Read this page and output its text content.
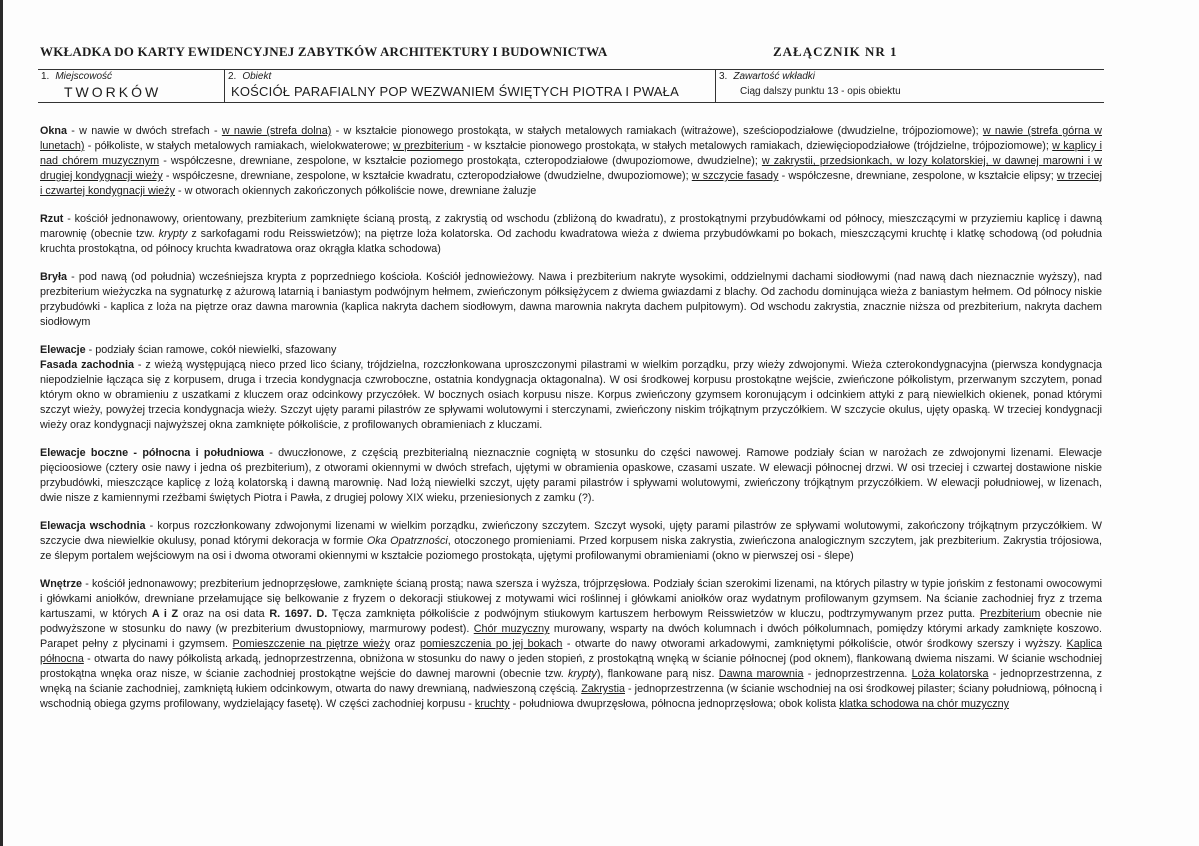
WKŁADKA DO KARTY EWIDENCYJNEJ ZABYTKÓW ARCHITEKTURY I BUDOWNICTWA	ZAŁĄCZNIK NR 1
1. Miejscowość
TWORKÓW
2. Obiekt
KOŚCIÓŁ PARAFIALNY POP WEZWANIEM ŚWIĘTYCH PIOTRA I PWAŁA
3. Zawartość wkładki
Ciąg dalszy punktu 13 - opis obiektu

Okna - w nawie w dwóch strefach - w nawie (strefa dolna) - w kształcie pionowego prostokąta, w stałych metalowych ramiakach (witrażowe), sześciopodziałowe (dwudzielne, trójpoziomowe); w nawie (strefa górna w lunetach) - półkoliste, w stałych metalowych ramiakach, wielokwaterowe; w prezbiterium - w kształcie pionowego prostokąta, w stałych metalowych ramiakach, dziewięciopodziałowe (trójdzielne, trójpoziomowe); w kaplicy i nad chórem muzycznym - współczesne, drewniane, zespolone, w kształcie poziomego prostokąta, czteropodziałowe (dwupoziomowe, dwudzielne); w zakrystii, przedsionkach, w lozy kolatorskiej, w dawnej marowni i w drugiej kondygnacji wieży - współczesne, drewniane, zespolone, w kształcie kwadratu, czteropodziałowe (dwudzielne, dwupoziomowe); w szczycie fasady - współczesne, drewniane, zespolone, w kształcie elipsy; w trzeciej i czwartej kondygnacji wieży - w otworach okiennych zakończonych półkoliście nowe, drewniane żaluzje

Rzut - kościół jednonawowy, orientowany, prezbiterium zamknięte ścianą prostą, z zakrystią od wschodu (zbliżoną do kwadratu), z prostokątnymi przybudówkami od północy, mieszczącymi w przyziemiu kaplicę i dawną marownię (obecnie tzw. krypty z sarkofagami rodu Reisswietzów); na piętrze loża kolatorska. Od zachodu kwadratowa wieża z dwiema przybudówkami po bokach, mieszczącymi kruchtę i klatkę schodową (od południa kruchta prostokątna, od północy kruchta kwadratowa oraz okrągła klatka schodowa)

Bryła - pod nawą (od południa) wcześniejsza krypta z poprzedniego kościoła. Kościół jednowieżowy. Nawa i prezbiterium nakryte wysokimi, oddzielnymi dachami siodłowymi (nad nawą dach nieznacznie wyższy), nad prezbiterium wieżyczka na sygnaturkę z ażurową latarnią i baniastym podwójnym hełmem, zwieńczonym półksiężycem z dwiema gwiazdami z blachy. Od zachodu dominująca wieża z baniastym hełmem. Od północy niskie przybudówki - kaplica z loża na piętrze oraz dawna marownia (kaplica nakryta dachem siodłowym, dawna marownia nakryta dachem pulpitowym). Od wschodu zakrystia, znacznie niższa od prezbiterium, nakryta dachem siodłowym

Elewacje - podziały ścian ramowe, cokół niewielki, sfazowany

Fasada zachodnia - z wieżą występującą nieco przed lico ściany, trójdzielna, rozczłonkowana uproszczonymi pilastrami w wielkim porządku, przy wieży zdwojonymi. Wieża czterokondygnacyjna (pierwsza kondygnacja niepodzielnie łącząca się z korpusem, druga i trzecia kondygnacja czwroboczne, ostatnia kondygnacja oktagonalna). W osi środkowej korpusu prostokątne wejście, zwieńczone półkolistym, przerwanym szczytem, ponad którym okno w obramieniu z uszatkami z kluczem oraz odcinkowy przyczółek. W bocznych osiach korpusu nisze. Korpus zwieńczony gzymsem koronującym i odcinkiem attyki z parą niewielkich okienek, ponad którymi szczyt wieży, powyżej trzecia kondygnacja wieży. Szczyt ujęty parami pilastrów ze spływami wolutowymi i sterczynami, zwieńczony niskim trójkątnym przyczółkiem. W szczycie okulus, ujęty opaską. W trzeciej kondygnacji wieży oraz kondygnacji najwyższej okna zamknięte półkoliście, z profilowanych obramieniach z kluczami.

Elewacje boczne - północna i południowa - dwuczłonowe, z częścią prezbiterialną nieznacznie cogniętą w stosunku do części nawowej. Ramowe podziały ścian w narożach ze zdwojonymi lizenami. Elewacje pięcioosiowe (cztery osie nawy i jedna oś prezbiterium), z otworami okiennymi w dwóch strefach, ujętymi w obramienia opaskowe, czasami uszate. W elewacji północnej drzwi. W osi trzeciej i czwartej dostawione niskie przybudówki, mieszczące kaplicę z lożą kolatorską i dawną marownię. Nad lożą niewielki szczyt, ujęty parami pilastrów i spływami wolutowymi, zwieńczony trójkątnym przyczółkiem. W elewacji południowej, w lizenach, dwie nisze z kamiennymi rzeźbami świętych Piotra i Pawła, z drugiej polowy XIX wieku, przeniesionych z zamku (?).

Elewacja wschodnia - korpus rozczłonkowany zdwojonymi lizenami w wielkim porządku, zwieńczony szczytem. Szczyt wysoki, ujęty parami pilastrów ze spływami wolutowymi, zakończony trójkątnym przyczółkiem. W szczycie dwa niewielkie okulusy, ponad którymi dekoracja w formie Oka Opatrzności, otoczonego promieniami. Przed korpusem niska zakrystia, zwieńczona analogicznym szczytem, jak prezbiterium. Zakrystia trójosiowa, ze ślepym portalem wejściowym na osi i dwoma otworami okiennymi w kształcie poziomego prostokąta, ujętymi profilowanymi obramieniami (okno w pierwszej osi - ślepe)

Wnętrze - kościół jednonawowy; prezbiterium jednoprzęsłowe, zamknięte ścianą prostą; nawa szersza i wyższa, trójprzęsłowa. Podziały ścian szerokimi lizenami, na których pilastry w typie jońskim z festonami owocowymi i główkami aniołków, drewniane przełamujące się belkowanie z fryzem o dekoracji stiukowej z motywami wici roślinnej i główkami aniołków oraz wydatnym profilowanym gzymsem. Na ścianie zachodniej fryz z trzema kartuszami, w których A i Z oraz na osi data R. 1697. D. Tęcza zamknięta półkoliście z podwójnym stiukowym kartuszem herbowym Reisswietzów w kluczu, podtrzymywanym przez putta. Prezbiterium obecnie nie podwyższone w stosunku do nawy (w prezbiterium dwustopniowy, marmurowy podest). Chór muzyczny murowany, wsparty na dwóch kolumnach i dwóch półkolumnach, pomiędzy którymi arkady zamknięte koszowo. Parapet pełny z płycinami i gzymsem. Pomieszczenie na piętrze wieży oraz pomieszczenia po jej bokach - otwarte do nawy otworami arkadowymi, zamkniętymi półkoliście, otwór środkowy szerszy i wyższy. Kaplica północna - otwarta do nawy półkolistą arkadą, jednoprzestrzenna, obniżona w stosunku do nawy o jeden stopień, z prostokątną wnęką w ścianie północnej (pod oknem), flankowaną dwiema niszami. W ścianie wschodniej prostokątna wnęka oraz nisze, w ścianie zachodniej prostokątne wejście do dawnej marowni (obecnie tzw. krypty), flankowane parą nisz. Dawna marownia - jednoprzestrzenna. Loża kolatorska - jednoprzestrzenna, z wnęką na ścianie zachodniej, zamkniętą łukiem odcinkowym, otwarta do nawy drewnianą, nadwieszoną częścią. Zakrystia - jednoprzestrzenna (w ścianie wschodniej na osi środkowej pilaster; ściany południową, północną i wschodnią obiega gzyms profilowany, wydzielający fasetę). W części zachodniej korpusu - kruchty - południowa dwuprzęsłowa, północna jednoprzęsłowa; obok kolista klatka schodowa na chór muzyczny
